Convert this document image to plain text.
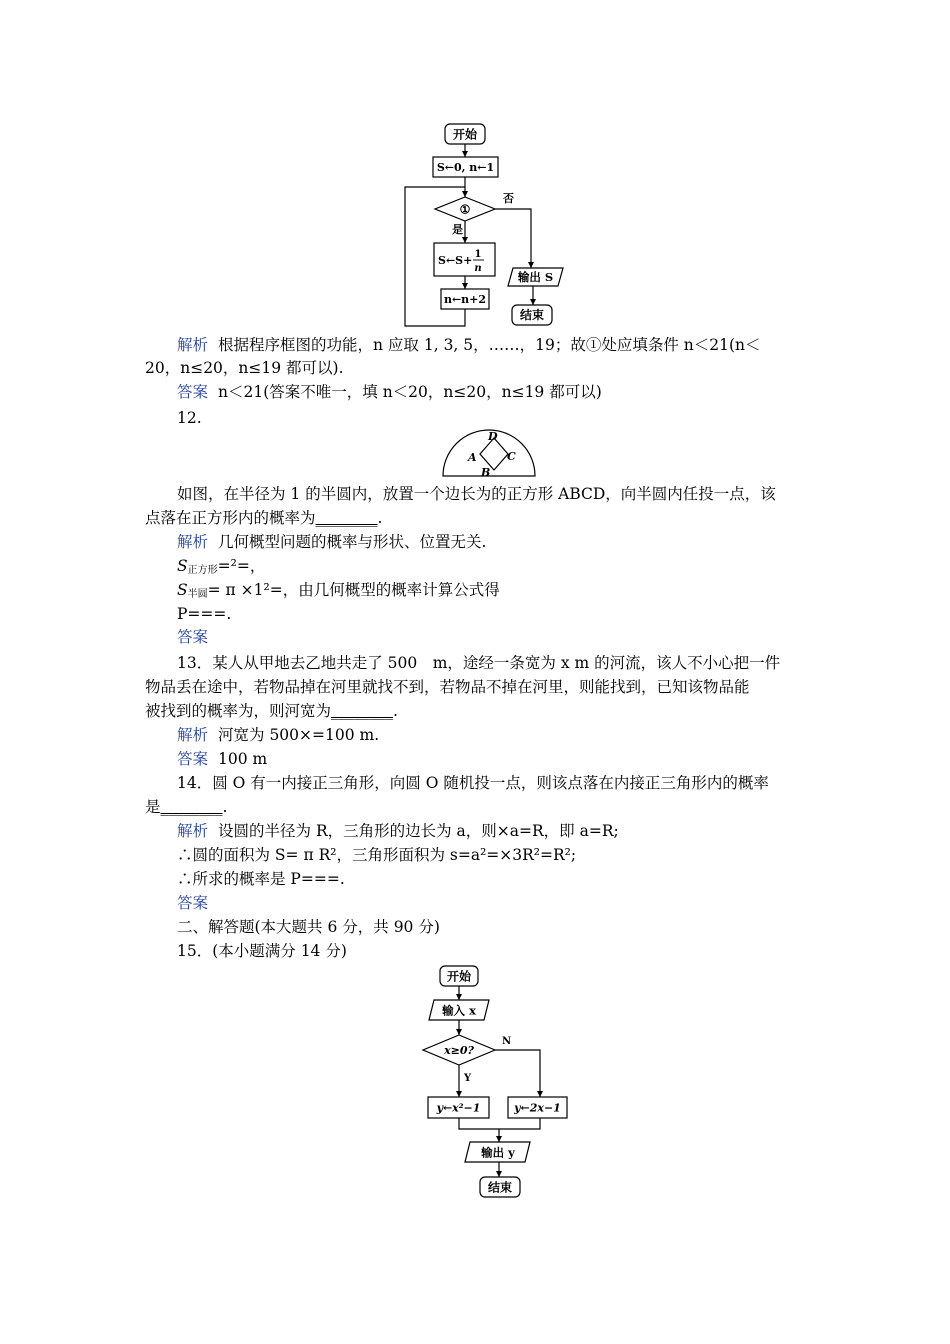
开始
S←0, n←1
①
否
是
S←S+ 1
n
n←n+2
输出 S
结束
解析 根据程序框图的功能，n 应取 1, 3, 5，……，19；故①处应填条件 n＜21(n＜
20，n≤20，n≤19 都可以).
答案 n＜21(答案不唯一，填 n＜20，n≤20，n≤19 都可以)
12.
D
A	C
B
如图，在半径为 1 的半圆内，放置一个边长为的正方形 ABCD，向半圆内任投一点，该
点落在正方形内的概率为________.
解析 几何概型问题的概率与形状、位置无关.
$S_{正方形}=^2=$，
$S_{半圆}= \pi \times 1^2=$，由几何概型的概率计算公式得
P===.
答案
13．某人从甲地去乙地共走了 500　m，途经一条宽为 x m 的河流，该人不小心把一件
物品丢在途中，若物品掉在河里就找不到，若物品不掉在河里，则能找到，已知该物品能
被找到的概率为，则河宽为________.
解析 河宽为 500×=100 m.
答案 100 m
14．圆 O 有一内接正三角形，向圆 O 随机投一点，则该点落在内接正三角形内的概率
是________.
解析 设圆的半径为 R，三角形的边长为 a，则×a=R，即 a=R;
∴圆的面积为 S= π R²，三角形面积为 s=a²=×3R²=R²;
∴所求的概率是 P===.
答案
二、解答题(本大题共 6 分，共 90 分)
15．(本小题满分 14 分)
开始
输入 x
x≥0?
N
Y
y←x²−1	y←2x−1
输出 y
结束
